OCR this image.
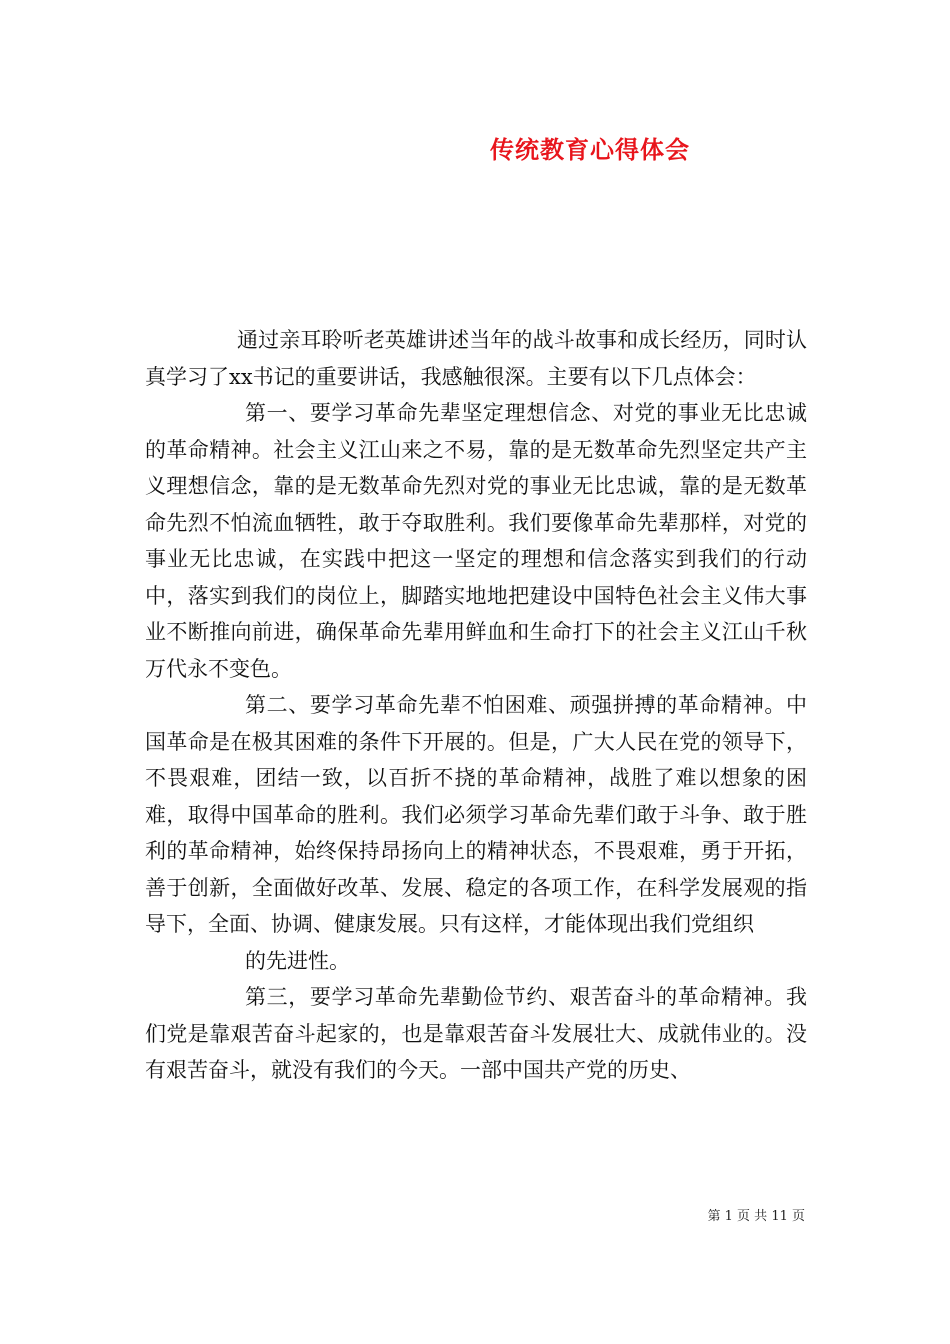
传统教育心得体会

通过亲耳聆听老英雄讲述当年的战斗故事和成长经历，同时认真学习了xx书记的重要讲话，我感触很深。主要有以下几点体会：

第一、要学习革命先辈坚定理想信念、对党的事业无比忠诚的革命精神。社会主义江山来之不易，靠的是无数革命先烈坚定共产主义理想信念，靠的是无数革命先烈对党的事业无比忠诚，靠的是无数革命先烈不怕流血牺牲，敢于夺取胜利。我们要像革命先辈那样，对党的事业无比忠诚，在实践中把这一坚定的理想和信念落实到我们的行动中，落实到我们的岗位上，脚踏实地地把建设中国特色社会主义伟大事业不断推向前进，确保革命先辈用鲜血和生命打下的社会主义江山千秋万代永不变色。

第二、要学习革命先辈不怕困难、顽强拼搏的革命精神。中国革命是在极其困难的条件下开展的。但是，广大人民在党的领导下，不畏艰难，团结一致，以百折不挠的革命精神，战胜了难以想象的困难，取得中国革命的胜利。我们必须学习革命先辈们敢于斗争、敢于胜利的革命精神，始终保持昂扬向上的精神状态，不畏艰难，勇于开拓，善于创新，全面做好改革、发展、稳定的各项工作，在科学发展观的指导下，全面、协调、健康发展。只有这样，才能体现出我们党组织

的先进性。

第三，要学习革命先辈勤俭节约、艰苦奋斗的革命精神。我们党是靠艰苦奋斗起家的，也是靠艰苦奋斗发展壮大、成就伟业的。没有艰苦奋斗，就没有我们的今天。一部中国共产党的历史、

第 1 页 共 11 页
